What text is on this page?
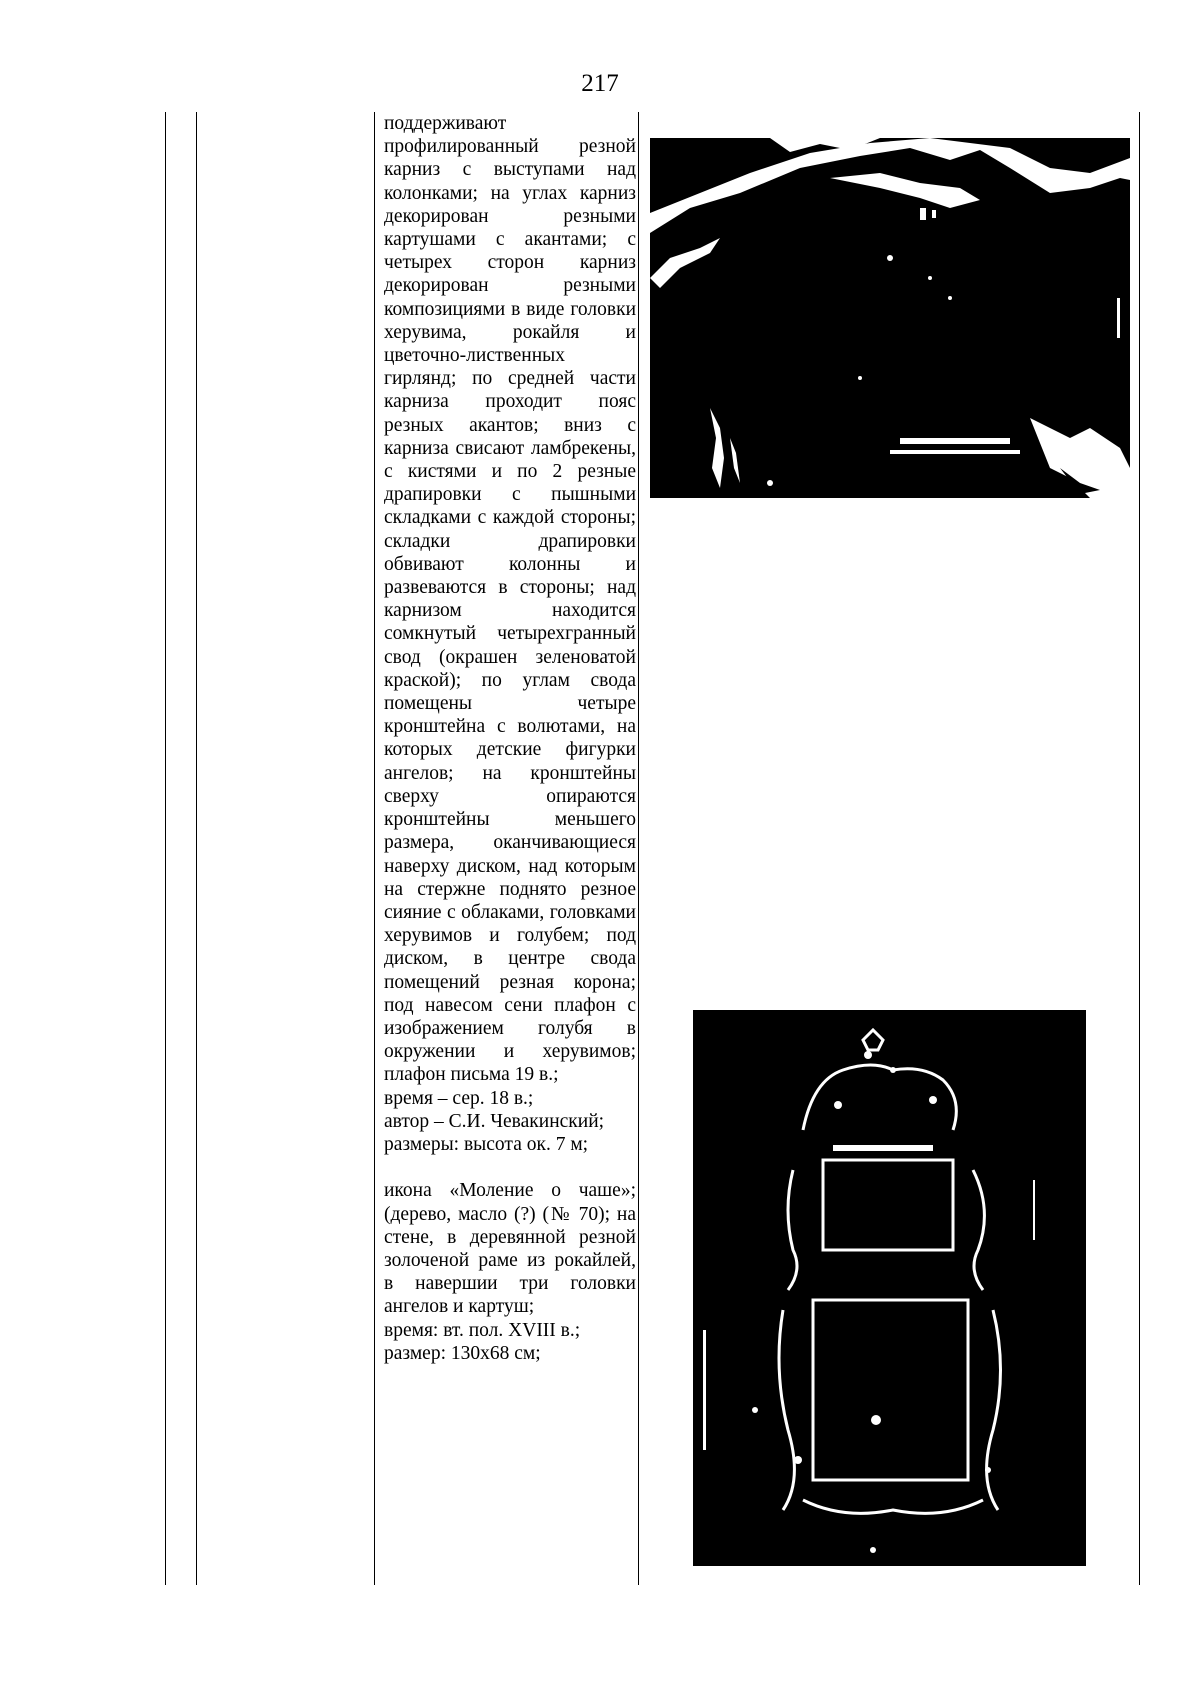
217

поддерживают профилированный резной карниз с выступами над колонками; на углах карниз декорирован резными картушами с акантами; с четырех сторон карниз декорирован резными композициями в виде головки херувима, рокайля и цветочно-лиственных гирлянд; по средней части карниза проходит пояс резных акантов; вниз с карниза свисают ламбрекены, с кистями и по 2 резные драпировки с пышными складками с каждой стороны; складки драпировки обвивают колонны и развеваются в стороны; над карнизом находится сомкнутый четырехгранный свод (окрашен зеленоватой краской); по углам свода помещены четыре кронштейна с волютами, на которых детские фигурки ангелов; на кронштейны сверху опираются кронштейны меньшего размера, оканчивающиеся наверху диском, над которым на стержне поднято резное сияние с облаками, головками херувимов и голубем; под диском, в центре свода помещений резная корона; под навесом сени плафон с изображением голубя в окружении и херувимов; плафон письма 19 в.;

время – сер. 18 в.;

автор – С.И. Чевакинский;

размеры: высота ок. 7 м;

икона «Моление о чаше»; (дерево, масло (?) (№ 70); на стене, в деревянной резной золоченой раме из рокайлей, в навершии три головки ангелов и картуш;

время: вт. пол. XVIII в.;

размер: 130х68 см;
